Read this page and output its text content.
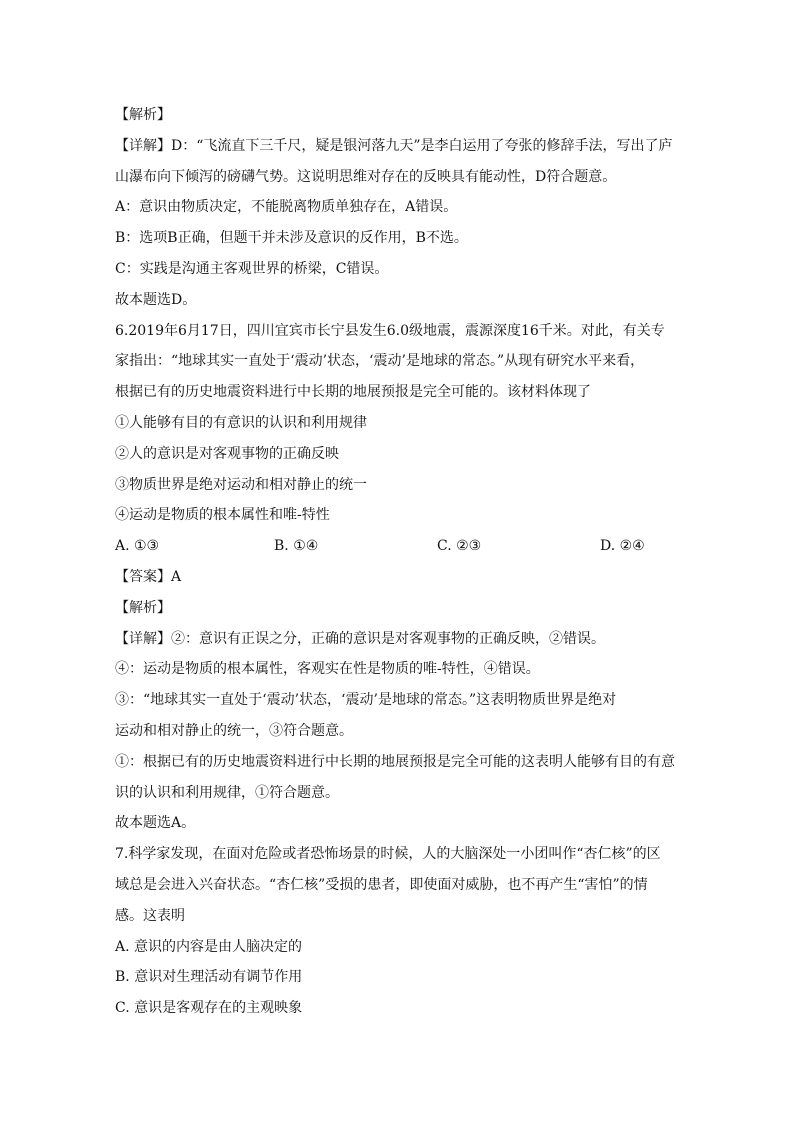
【解析】
【详解】D：“飞流直下三千尺，疑是银河落九天”是李白运用了夸张的修辞手法，写出了庐
山瀑布向下倾泻的磅礴气势。这说明思维对存在的反映具有能动性，D符合题意。
A：意识由物质决定，不能脱离物质单独存在，A错误。
B：选项B正确，但题干并未涉及意识的反作用，B不选。
C：实践是沟通主客观世界的桥梁，C错误。
故本题选D。
6.2019年6月17日，四川宜宾市长宁县发生6.0级地震，震源深度16千米。对此，有关专
家指出：“地球其实一直处于‘震动’状态，‘震动’是地球的常态。”从现有研究水平来看，
根据已有的历史地震资料进行中长期的地展预报是完全可能的。该材料体现了
①人能够有目的有意识的认识和利用规律
②人的意识是对客观事物的正确反映
③物质世界是绝对运动和相对静止的统一
④运动是物质的根本属性和唯-特性
A. ①③	B. ①④	C. ②③	D. ②④
【答案】A
【解析】
【详解】②：意识有正误之分，正确的意识是对客观事物的正确反映，②错误。
④：运动是物质的根本属性，客观实在性是物质的唯-特性，④错误。
③：“地球其实一直处于‘震动’状态，‘震动’是地球的常态。”这表明物质世界是绝对
运动和相对静止的统一，③符合题意。
①：根据已有的历史地震资料进行中长期的地展预报是完全可能的这表明人能够有目的有意
识的认识和利用规律，①符合题意。
故本题选A。
7.科学家发现，在面对危险或者恐怖场景的时候，人的大脑深处一小团叫作“杏仁核”的区
域总是会进入兴奋状态。“杏仁核”受损的患者，即使面对威胁，也不再产生“害怕”的情
感。这表明
A. 意识的内容是由人脑决定的
B. 意识对生理活动有调节作用
C. 意识是客观存在的主观映象
